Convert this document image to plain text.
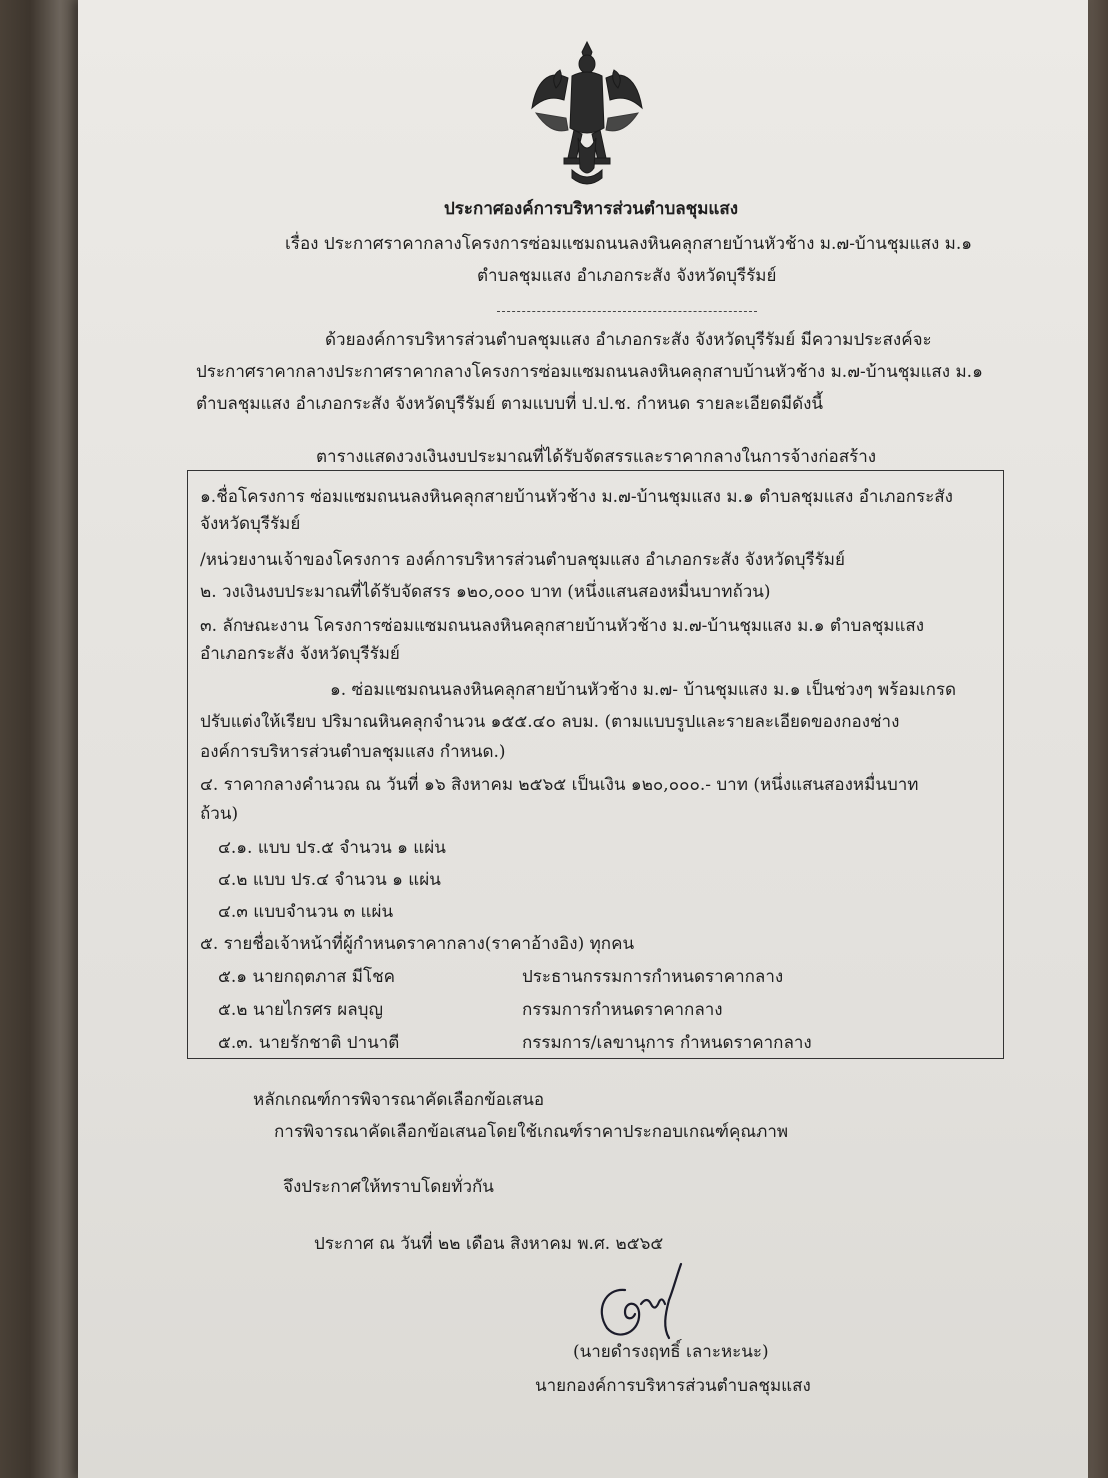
ประกาศองค์การบริหารส่วนตำบลชุมแสง
เรื่อง ประกาศราคากลางโครงการซ่อมแซมถนนลงหินคลุกสายบ้านหัวช้าง ม.๗-บ้านชุมแสง ม.๑
ตำบลชุมแสง อำเภอกระสัง จังหวัดบุรีรัมย์
ด้วยองค์การบริหารส่วนตำบลชุมแสง อำเภอกระสัง จังหวัดบุรีรัมย์ มีความประสงค์จะ
ประกาศราคากลางประกาศราคากลางโครงการซ่อมแซมถนนลงหินคลุกสาบบ้านหัวช้าง ม.๗-บ้านชุมแสง ม.๑
ตำบลชุมแสง อำเภอกระสัง จังหวัดบุรีรัมย์ ตามแบบที่ ป.ป.ช. กำหนด รายละเอียดมีดังนี้
ตารางแสดงวงเงินงบประมาณที่ได้รับจัดสรรและราคากลางในการจ้างก่อสร้าง
๑.ชื่อโครงการ ซ่อมแซมถนนลงหินคลุกสายบ้านหัวช้าง ม.๗-บ้านชุมแสง ม.๑ ตำบลชุมแสง อำเภอกระสัง
จังหวัดบุรีรัมย์
/หน่วยงานเจ้าของโครงการ องค์การบริหารส่วนตำบลชุมแสง อำเภอกระสัง จังหวัดบุรีรัมย์
๒. วงเงินงบประมาณที่ได้รับจัดสรร ๑๒๐,๐๐๐ บาท (หนึ่งแสนสองหมื่นบาทถ้วน)
๓. ลักษณะงาน โครงการซ่อมแซมถนนลงหินคลุกสายบ้านหัวช้าง ม.๗-บ้านชุมแสง ม.๑ ตำบลชุมแสง
อำเภอกระสัง จังหวัดบุรีรัมย์
๑. ซ่อมแซมถนนลงหินคลุกสายบ้านหัวช้าง ม.๗- บ้านชุมแสง ม.๑ เป็นช่วงๆ พร้อมเกรด
ปรับแต่งให้เรียบ ปริมาณหินคลุกจำนวน ๑๕๕.๔๐ ลบม. (ตามแบบรูปและรายละเอียดของกองช่าง
องค์การบริหารส่วนตำบลชุมแสง กำหนด.)
๔. ราคากลางคำนวณ ณ วันที่ ๑๖ สิงหาคม ๒๕๖๕ เป็นเงิน ๑๒๐,๐๐๐.- บาท (หนึ่งแสนสองหมื่นบาท
ถ้วน)
๔.๑. แบบ ปร.๕ จำนวน ๑ แผ่น
๔.๒ แบบ ปร.๔ จำนวน ๑ แผ่น
๔.๓ แบบจำนวน ๓ แผ่น
๕. รายชื่อเจ้าหน้าที่ผู้กำหนดราคากลาง(ราคาอ้างอิง) ทุกคน
๕.๑ นายกฤตภาส มีโชค	ประธานกรรมการกำหนดราคากลาง
๕.๒ นายไกรศร ผลบุญ	กรรมการกำหนดราคากลาง
๕.๓. นายรักชาติ ปานาตี	กรรมการ/เลขานุการ กำหนดราคากลาง
หลักเกณฑ์การพิจารณาคัดเลือกข้อเสนอ
การพิจารณาคัดเลือกข้อเสนอโดยใช้เกณฑ์ราคาประกอบเกณฑ์คุณภาพ
จึงประกาศให้ทราบโดยทั่วกัน
ประกาศ ณ วันที่ ๒๒ เดือน สิงหาคม พ.ศ. ๒๕๖๕
(นายดำรงฤทธิ์ เลาะหะนะ)
นายกองค์การบริหารส่วนตำบลชุมแสง
